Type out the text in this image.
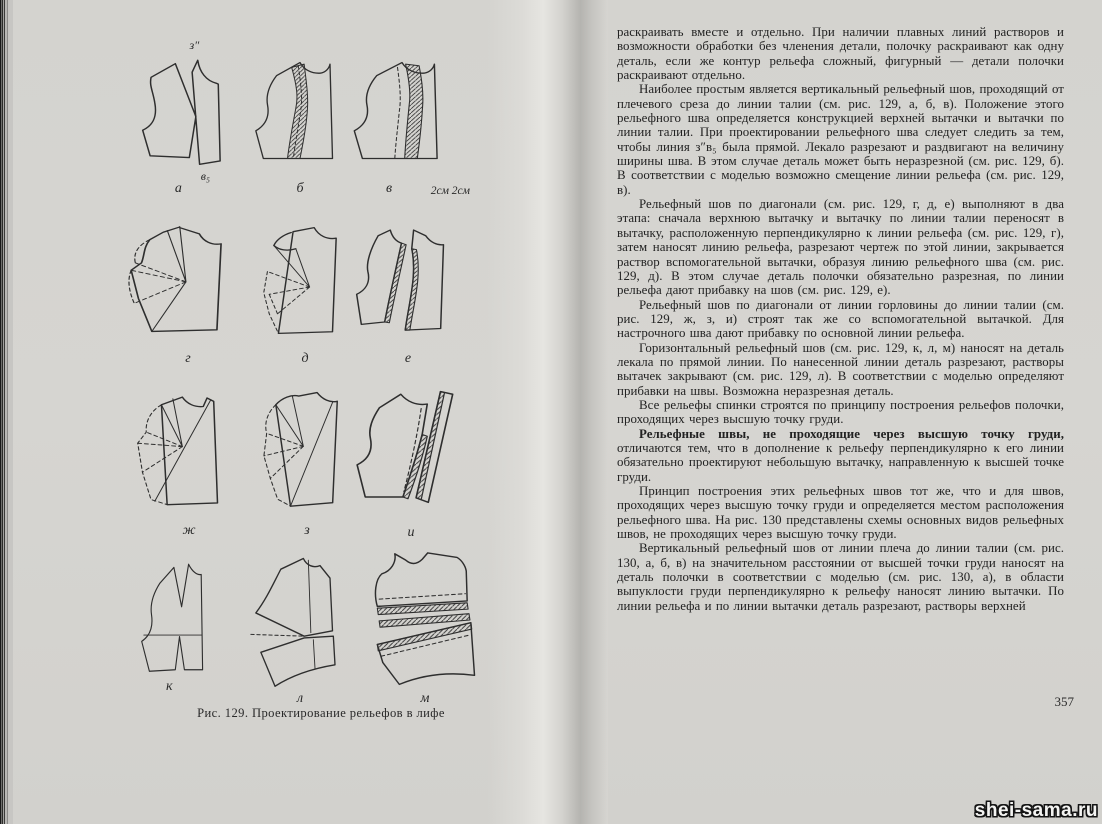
з″
в₅
а	б	в	2см 2см
г	д	е
ж	з	и
к
л	м
Рис. 129. Проектирование рельефов в лифе

раскраивать вместе и отдельно. При наличии плавных линий растворов и возможности обработки без членения детали, полочку раскраивают как одну деталь, если же контур рельефа сложный, фигурный — детали полочки раскраивают отдельно.

Наиболее простым является вертикальный рельефный шов, проходящий от плечевого среза до линии талии (см. рис. 129, а, б, в). Положение этого рельефного шва определяется конструкцией верхней вытачки и вытачки по линии талии. При проектировании рельефного шва следует следить за тем, чтобы линия з″в₅ была прямой. Лекало разрезают и раздвигают на величину ширины шва. В этом случае деталь может быть неразрезной (см. рис. 129, б). В соответствии с моделью возможно смещение линии рельефа (см. рис. 129, в).

Рельефный шов по диагонали (см. рис. 129, г, д, е) выполняют в два этапа: сначала верхнюю вытачку и вытачку по линии талии переносят в вытачку, расположенную перпендикулярно к линии рельефа (см. рис. 129, г), затем наносят линию рельефа, разрезают чертеж по этой линии, закрывается раствор вспомогательной вытачки, образуя линию рельефного шва (см. рис. 129, д). В этом случае деталь полочки обязательно разрезная, по линии рельефа дают прибавку на шов (см. рис. 129, е).

Рельефный шов по диагонали от линии горловины до линии талии (см. рис. 129, ж, з, и) строят так же со вспомогательной вытачкой. Для настрочного шва дают прибавку по основной линии рельефа.

Горизонтальный рельефный шов (см. рис. 129, к, л, м) наносят на деталь лекала по прямой линии. По нанесенной линии деталь разрезают, растворы вытачек закрывают (см. рис. 129, л). В соответствии с моделью определяют прибавки на швы. Возможна неразрезная деталь.

Все рельефы спинки строятся по принципу построения рельефов полочки, проходящих через высшую точку груди.

Рельефные швы, не проходящие через высшую точку груди, отличаются тем, что в дополнение к рельефу перпендикулярно к его линии обязательно проектируют небольшую вытачку, направленную к высшей точке груди.

Принцип построения этих рельефных швов тот же, что и для швов, проходящих через высшую точку груди и определяется местом расположения рельефного шва. На рис. 130 представлены схемы основных видов рельефных швов, не проходящих через высшую точку груди.

Вертикальный рельефный шов от линии плеча до линии талии (см. рис. 130, а, б, в) на значительном расстоянии от высшей точки груди наносят на деталь полочки в соответствии с моделью (см. рис. 130, а), в области выпуклости груди перпендикулярно к рельефу наносят линию вытачки. По линии рельефа и по линии вытачки деталь разрезают, растворы верхней

357
shei-sama.ru
